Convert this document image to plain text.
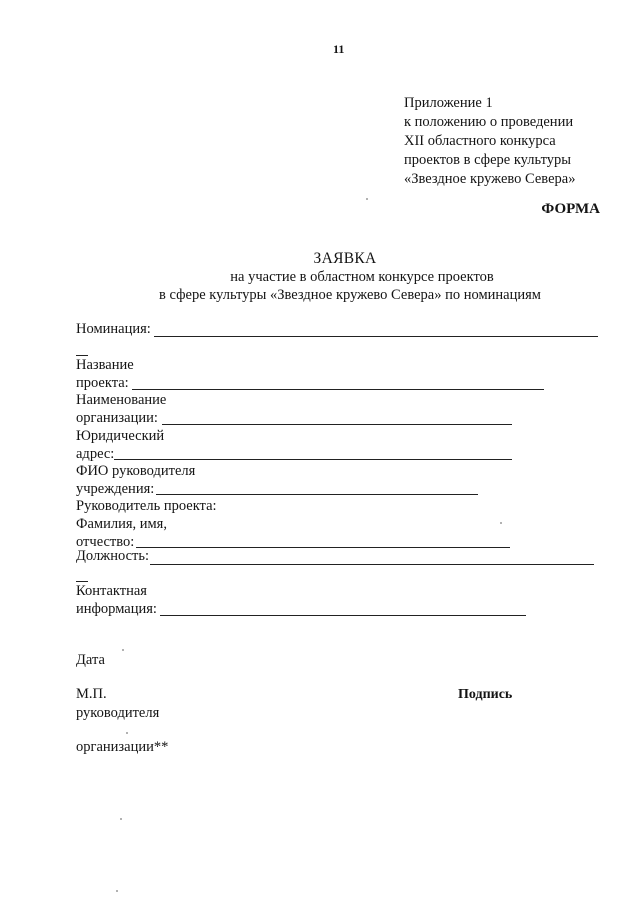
11
Приложение 1
к положению о проведении
XII областного конкурса
проектов в сфере культуры
«Звездное кружево Севера»
ФОРМА
ЗАЯВКА
на участие в областном конкурсе проектов
в сфере культуры «Звездное кружево Севера» по номинациям
Номинация:
Название
проекта:
Наименование
организации:
Юридический
адрес:
ФИО руководителя
учреждения:
Руководитель проекта:
Фамилия, имя,
отчество:
Должность:
Контактная
информация:
Дата
М.П.
руководителя
организации**
Подпись
